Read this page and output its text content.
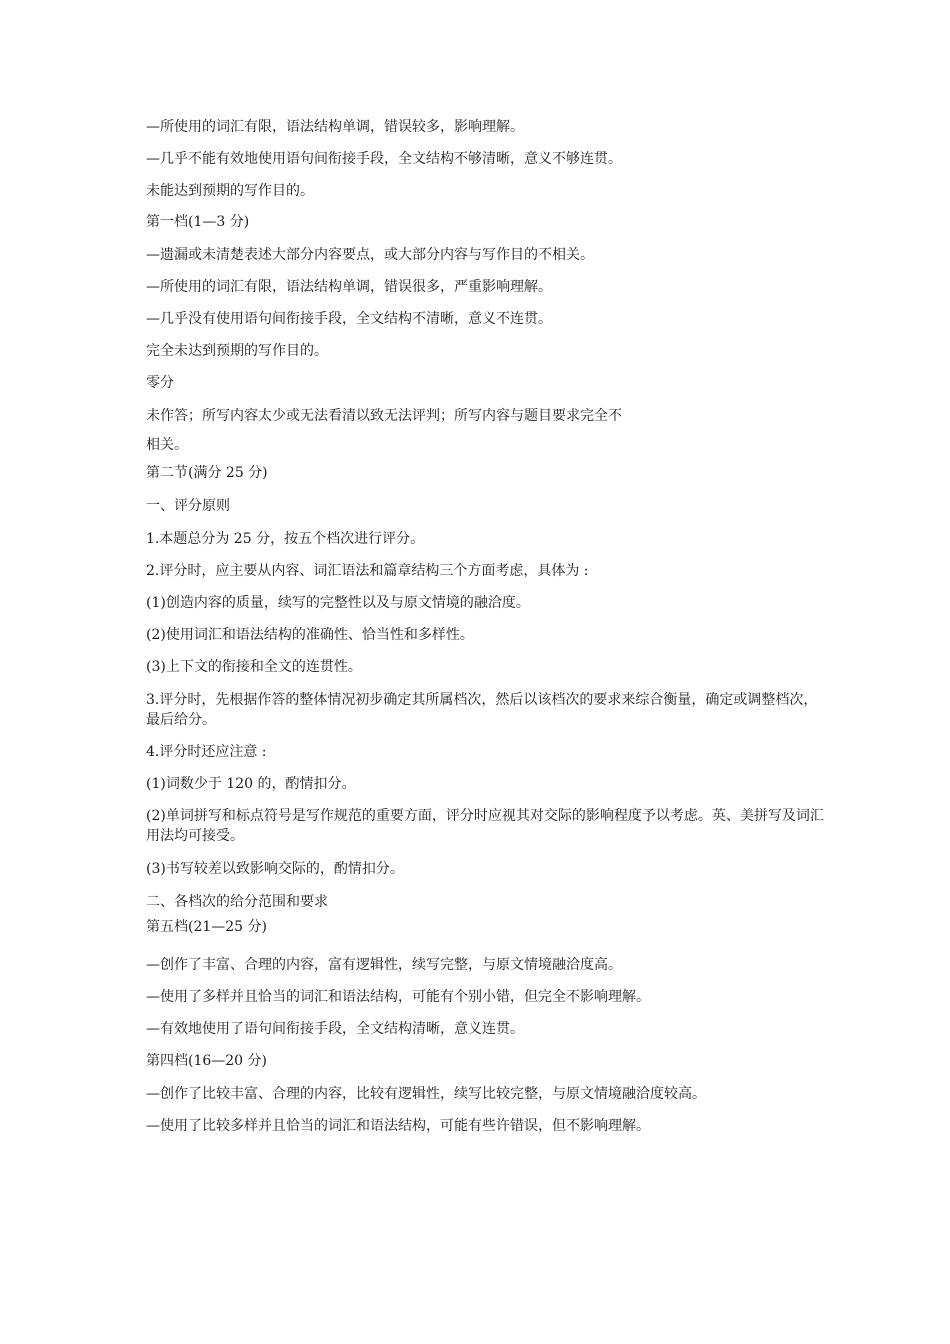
—所使用的词汇有限，语法结构单调，错误较多，影响理解。

—几乎不能有效地使用语句间衔接手段，全文结构不够清晰，意义不够连贯。

未能达到预期的写作目的。

第一档(1—3 分)

—遗漏或未清楚表述大部分内容要点，或大部分内容与写作目的不相关。

—所使用的词汇有限，语法结构单调，错误很多，严重影响理解。

—几乎没有使用语句间衔接手段，全文结构不清晰，意义不连贯。

完全未达到预期的写作目的。

零分

未作答；所写内容太少或无法看清以致无法评判；所写内容与题目要求完全不

相关。

第二节(满分 25 分)

一、评分原则

1.本题总分为 25 分，按五个档次进行评分。

2.评分时，应主要从内容、词汇语法和篇章结构三个方面考虑，具体为 :

(1)创造内容的质量，续写的完整性以及与原文情境的融洽度。

(2)使用词汇和语法结构的准确性、恰当性和多样性。

(3)上下文的衔接和全文的连贯性。

3.评分时，先根据作答的整体情况初步确定其所属档次，然后以该档次的要求来综合衡量，确定或调整档次，最后给分。

4.评分时还应注意 :

(1)词数少于 120 的，酌情扣分。

(2)单词拼写和标点符号是写作规范的重要方面，评分时应视其对交际的影响程度予以考虑。英、美拼写及词汇用法均可接受。

(3)书写较差以致影响交际的，酌情扣分。

二、各档次的给分范围和要求

第五档(21—25 分)

—创作了丰富、合理的内容，富有逻辑性，续写完整，与原文情境融洽度高。

—使用了多样并且恰当的词汇和语法结构，可能有个别小错，但完全不影响理解。

—有效地使用了语句间衔接手段，全文结构清晰，意义连贯。

第四档(16—20 分)

—创作了比较丰富、合理的内容，比较有逻辑性，续写比较完整，与原文情境融洽度较高。

—使用了比较多样并且恰当的词汇和语法结构，可能有些许错误，但不影响理解。
